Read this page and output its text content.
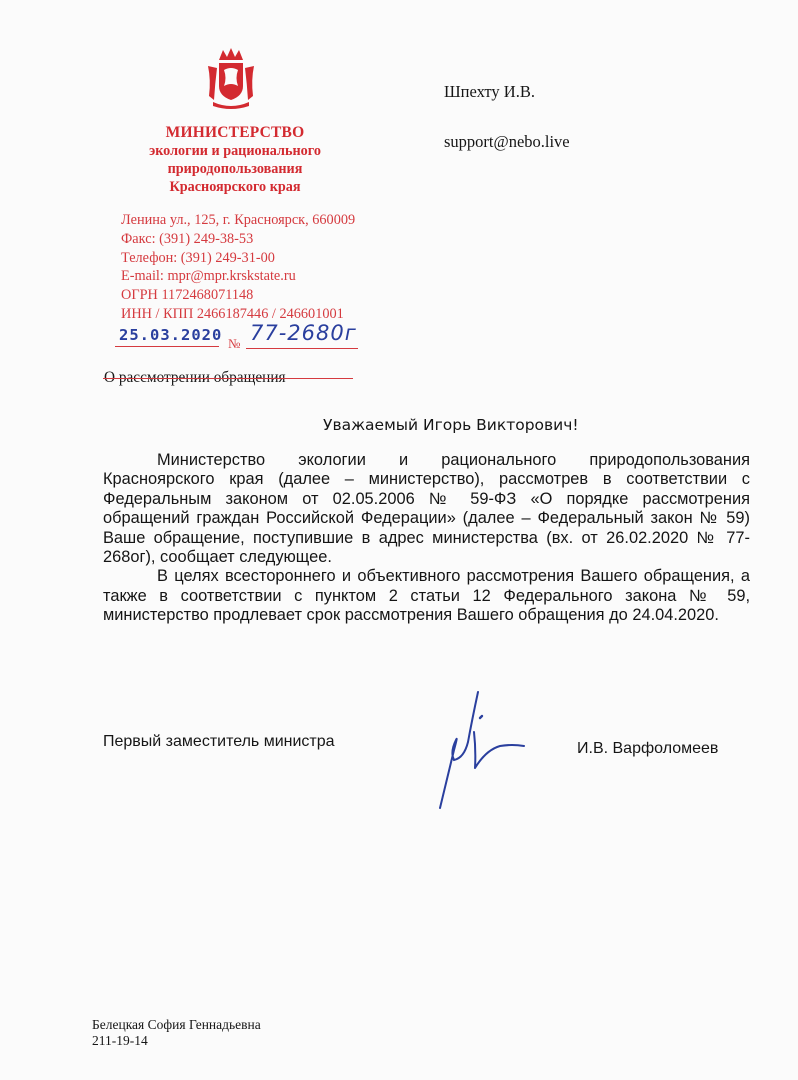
МИНИСТЕРСТВО
экологии и рационального
природопользования
Красноярского края
Ленина ул., 125, г. Красноярск, 660009
Факс: (391) 249-38-53
Телефон: (391) 249-31-00
E-mail: mpr@mpr.krskstate.ru
ОГРН 1172468071148
ИНН / КПП 2466187446 / 246601001
25.03.2020 № 77-2680г
О рассмотрении обращения
Шпехту И.В.
support@nebo.live
Уважаемый Игорь Викторович!

Министерство экологии и рационального природопользования Красноярского края (далее – министерство), рассмотрев в соответствии с Федеральным законом от 02.05.2006 № 59-ФЗ «О порядке рассмотрения обращений граждан Российской Федерации» (далее – Федеральный закон № 59) Ваше обращение, поступившие в адрес министерства (вх. от 26.02.2020 № 77-268ог), сообщает следующее.

В целях всестороннего и объективного рассмотрения Вашего обращения, а также в соответствии с пунктом 2 статьи 12 Федерального закона № 59, министерство продлевает срок рассмотрения Вашего обращения до 24.04.2020.

Первый заместитель министра	И.В. Варфоломеев
Белецкая София Геннадьевна
211-19-14
